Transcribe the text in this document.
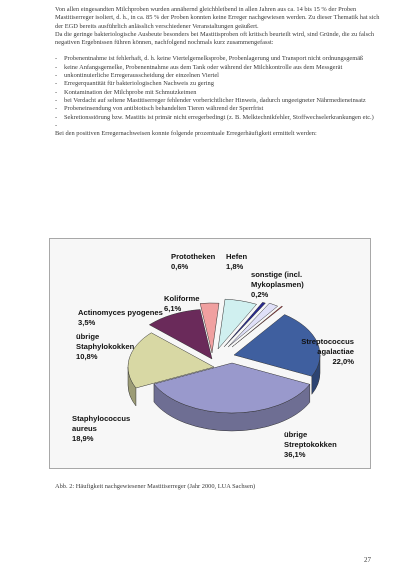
Von allen eingesandten Milchproben wurden annähernd gleichbleibend in allen Jahren aus ca. 14 bis 15 % der Proben Mastitiserreger isoliert, d. h., in ca. 85 % der Proben konnten keine Erreger nachgewiesen werden. Zu dieser Thematik hat sich der EGD bereits ausführlich anlässlich verschiedener Veranstaltungen geäußert.

Da die geringe bakteriologische Ausbeute besonders bei Mastitisproben oft kritisch beurteilt wird, sind Gründe, die zu falsch negativen Ergebnissen führen können, nachfolgend nochmals kurz zusammengefasst:

- Probenentnahme ist fehlerhaft, d. h. keine Viertelgemelksprobe, Probenlagerung und Transport nicht ordnungsgemäß
- keine Anfangsgemelke, Probenentnahme aus dem Tank oder während der Milchkontrolle aus dem Messgerät
- unkontinuierliche Erregerausscheidung der einzelnen Viertel
- Erregerquantität für bakteriologischen Nachweis zu gering
- Kontamination der Milchprobe mit Schmutzkeimen
- bei Verdacht auf seltene Mastitiserreger fehlender vorberichtlicher Hinweis, dadurch ungeeigneter Nährmedieneinsatz
- Probeneinsendung von antibiotisch behandelten Tieren während der Sperrfrist
- Sekretionsstörung bzw. Mastitis ist primär nicht erregerbedingt (z. B. Melktechnikfehler, Stoffwechselerkrankungen etc.)

Bei den positiven Erregernachweisen konnte folgende prozentuale Erregerhäufigkeit ermittelt werden:

Streptococcus agalactiae 22,0%
übrige Streptokokken 36,1%
Staphylococcus aureus 18,9%
übrige Staphylokokken 10,8%
Actinomyces pyogenes 3,5%
Koliforme 6,1%
Prototheken 0,6%
Hefen 1,8%
sonstige (incl. Mykoplasmen) 0,2%
Abb. 2: Häufigkeit nachgewiesener Mastitiserreger (Jahr 2000, LUA Sachsen)
27
